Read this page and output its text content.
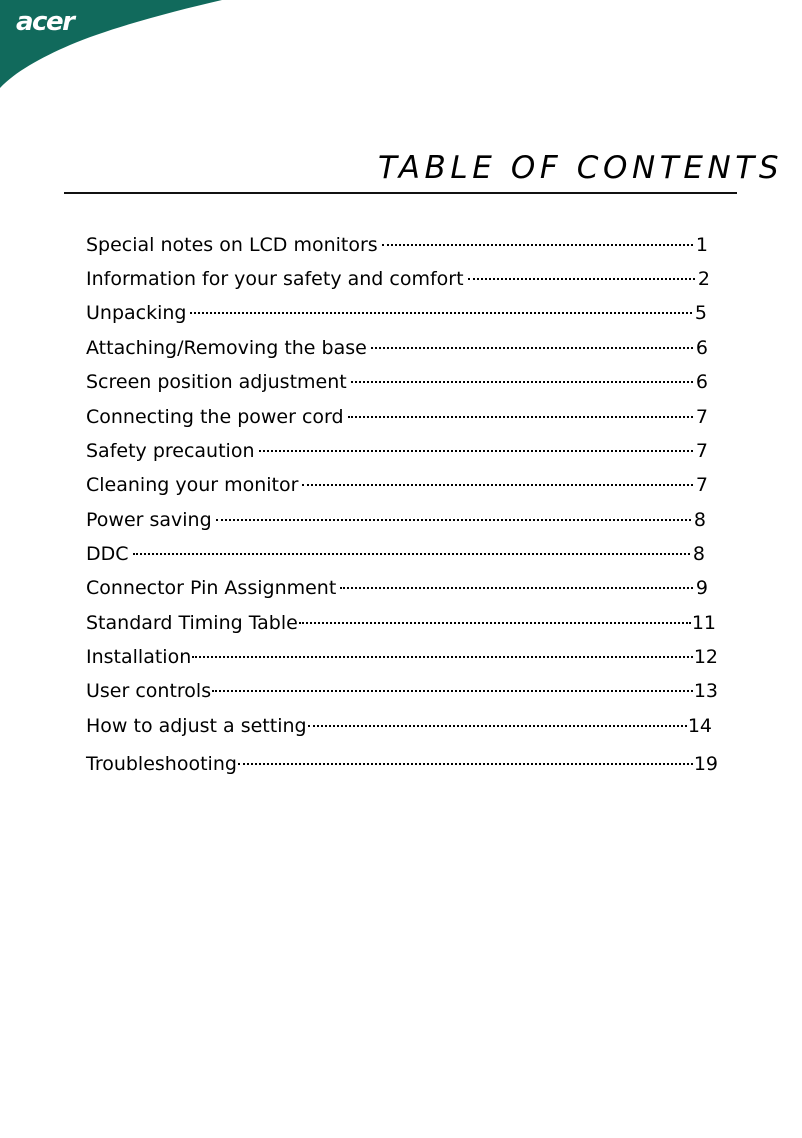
acer
TABLE OF CONTENTS
Special notes on LCD monitors	1
Information for your safety and comfort	2
Unpacking	5
Attaching/Removing the base	6
Screen position adjustment	6
Connecting the power cord	7
Safety precaution	7
Cleaning your monitor	7
Power saving	8
DDC	8
Connector Pin Assignment	9
Standard Timing Table	11
Installation	12
User controls	13
How to adjust a setting	14
Troubleshooting	19
